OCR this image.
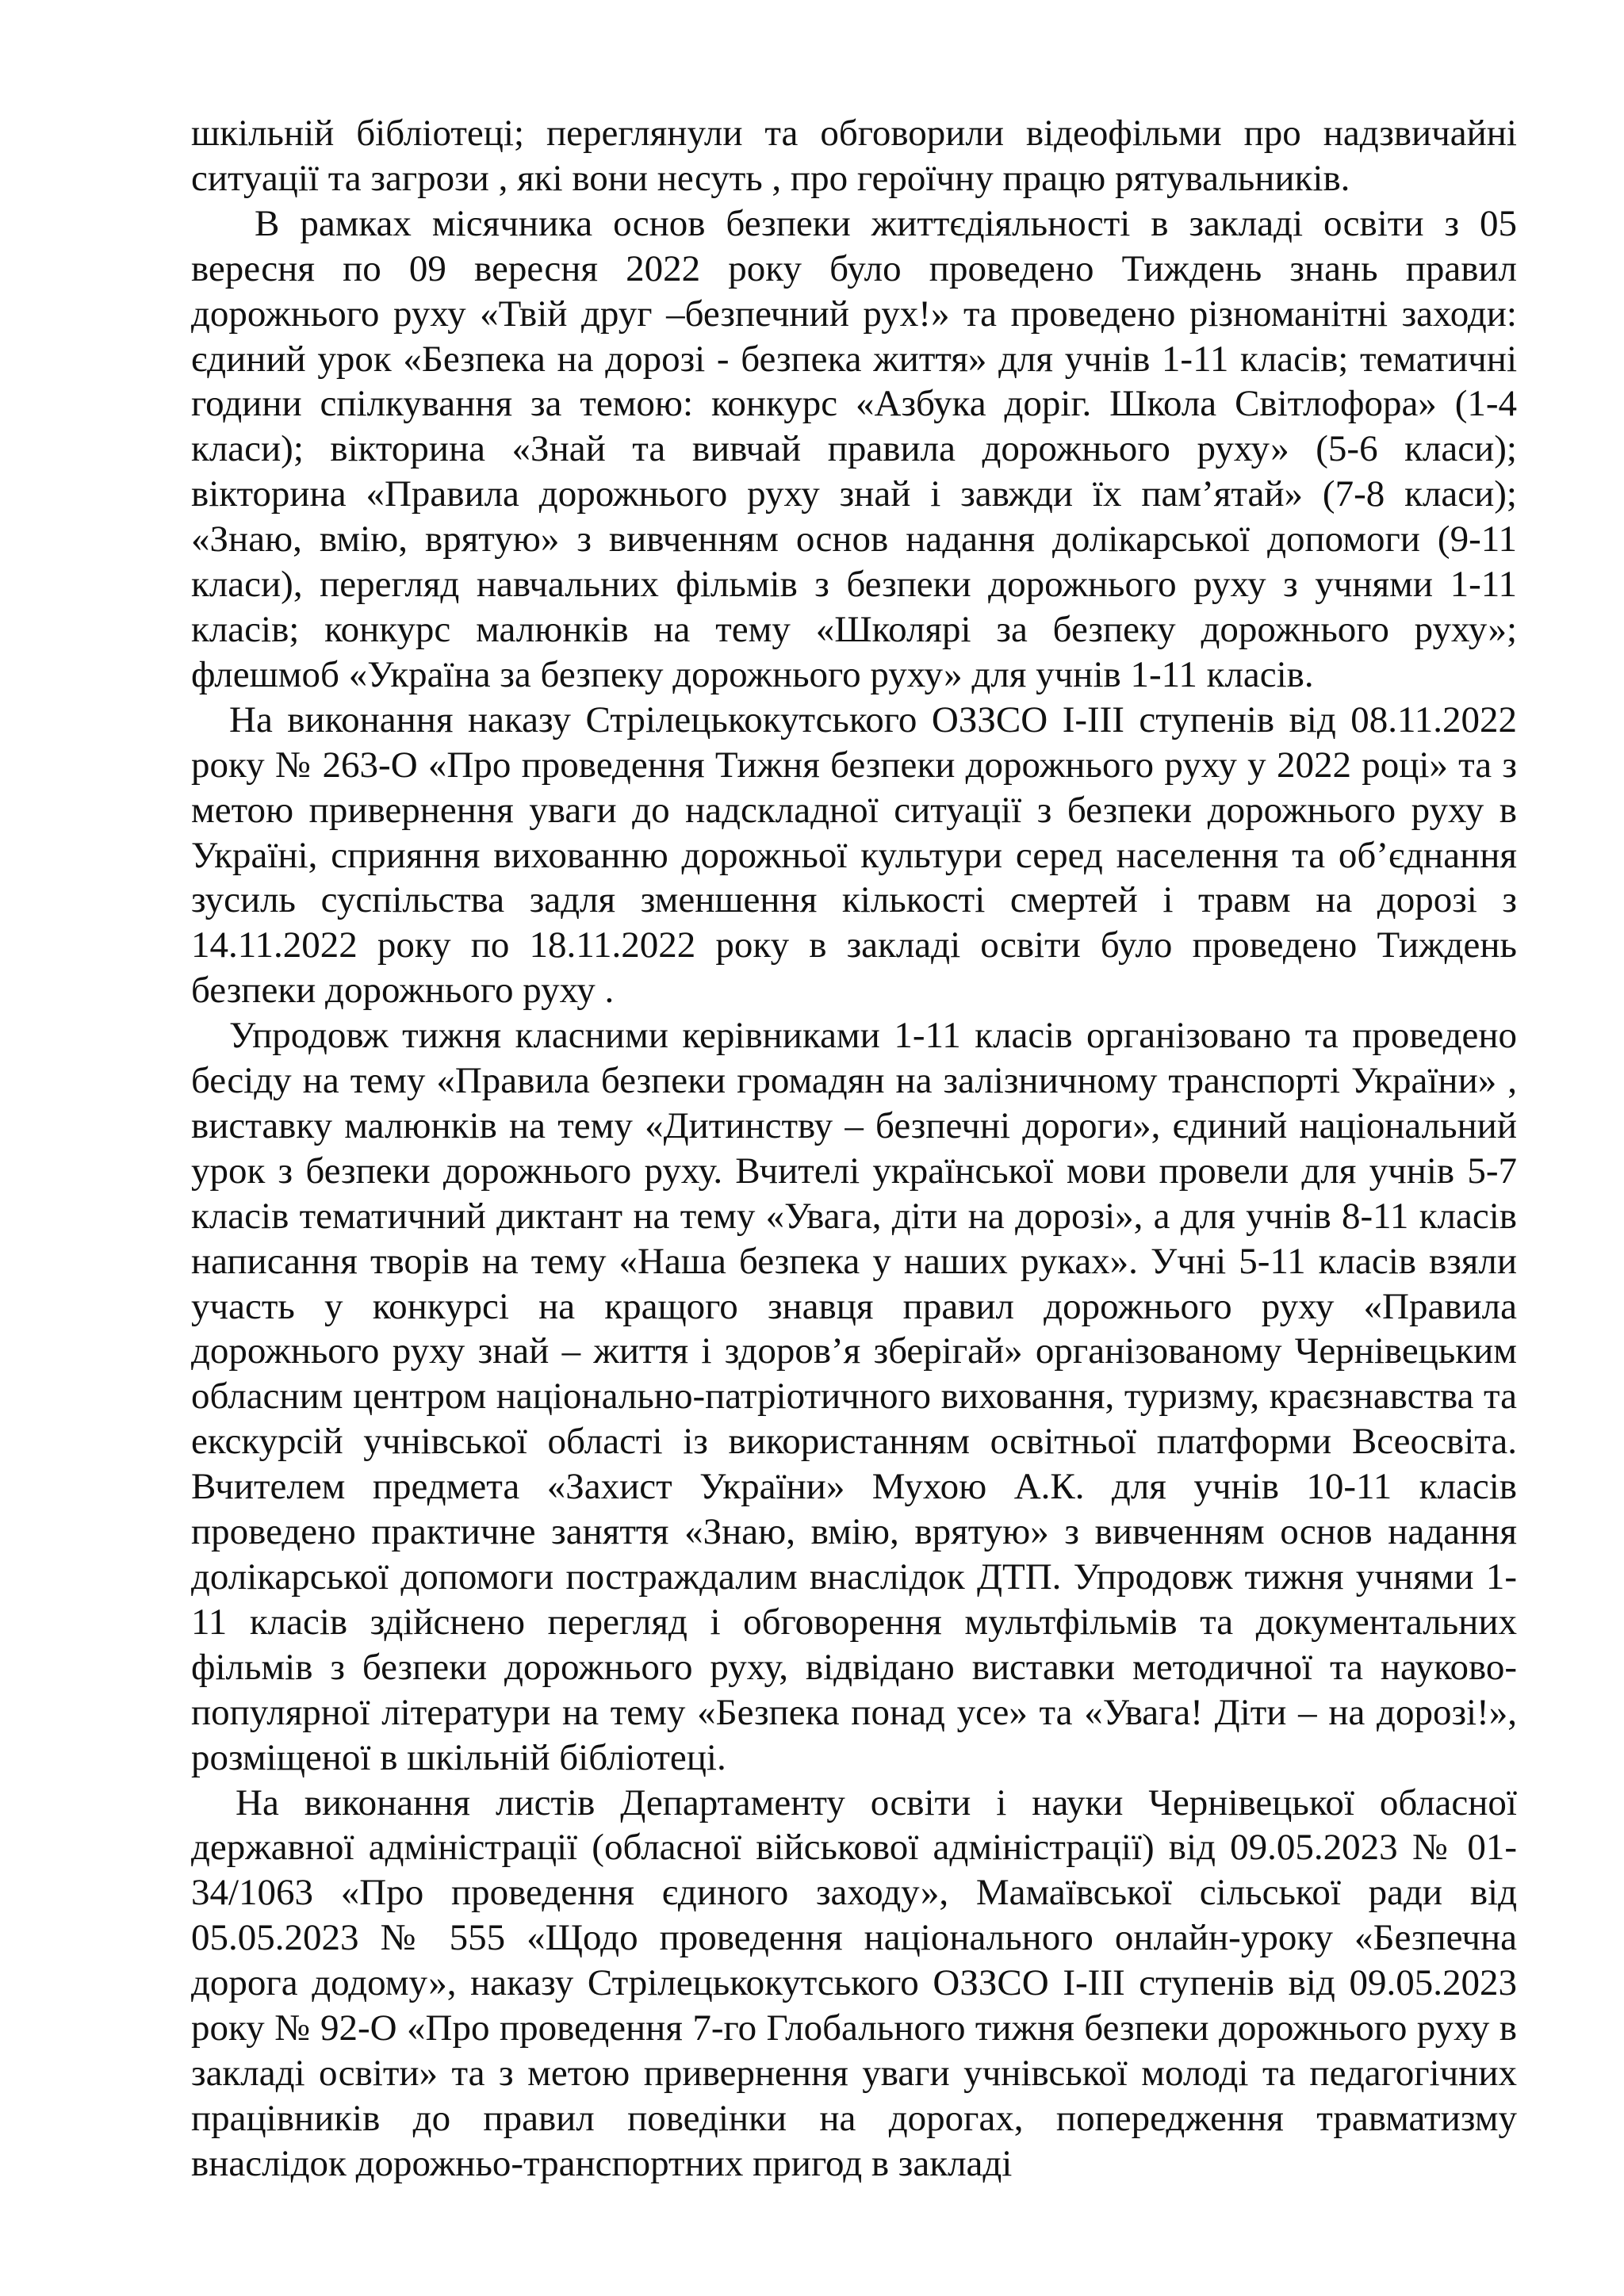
шкільній бібліотеці; переглянули та обговорили відеофільми про надзвичайні ситуації та загрози , які вони несуть , про героїчну працю рятувальників.

В рамках місячника основ безпеки життєдіяльності в закладі освіти з 05 вересня по 09 вересня 2022 року було проведено Тиждень знань правил дорожнього руху «Твій друг –безпечний рух!» та проведено різноманітні заходи: єдиний урок «Безпека на дорозі - безпека життя» для учнів 1-11 класів; тематичні години спілкування за темою: конкурс «Азбука доріг. Школа Світлофора» (1-4 класи); вікторина «Знай та вивчай правила дорожнього руху» (5-6 класи); вікторина «Правила дорожнього руху знай і завжди їх пам’ятай» (7-8 класи); «Знаю, вмію, врятую» з вивченням основ надання долікарської допомоги (9-11 класи), перегляд навчальних фільмів з безпеки дорожнього руху з учнями 1-11 класів; конкурс малюнків на тему «Школярі за безпеку дорожнього руху»; флешмоб «Україна за безпеку дорожнього руху» для учнів 1-11 класів.

На виконання наказу Стрілецькокутського ОЗЗСО І-ІІІ ступенів від 08.11.2022 року № 263-О «Про проведення Тижня безпеки дорожнього руху у 2022 році» та з метою привернення уваги до надскладної ситуації з безпеки дорожнього руху в Україні, сприяння вихованню дорожньої культури серед населення та об’єднання зусиль суспільства задля зменшення кількості смертей і травм на дорозі з 14.11.2022 року по 18.11.2022 року в закладі освіти було проведено Тиждень безпеки дорожнього руху .

Упродовж тижня класними керівниками 1-11 класів організовано та проведено бесіду на тему «Правила безпеки громадян на залізничному транспорті України» , виставку малюнків на тему «Дитинству – безпечні дороги», єдиний національний урок з безпеки дорожнього руху. Вчителі української мови провели для учнів 5-7 класів тематичний диктант на тему «Увага, діти на дорозі», а для учнів 8-11 класів написання творів на тему «Наша безпека у наших руках». Учні 5-11 класів взяли участь у конкурсі на кращого знавця правил дорожнього руху «Правила дорожнього руху знай – життя і здоров’я зберігай» організованому Чернівецьким обласним центром національно-патріотичного виховання, туризму, краєзнавства та екскурсій учнівської області із використанням освітньої платформи Всеосвіта. Вчителем предмета «Захист України» Мухою А.К. для учнів 10-11 класів проведено практичне заняття «Знаю, вмію, врятую» з вивченням основ надання долікарської допомоги постраждалим внаслідок ДТП. Упродовж тижня учнями 1-11 класів здійснено перегляд і обговорення мультфільмів та документальних фільмів з безпеки дорожнього руху, відвідано виставки методичної та науково-популярної літератури на тему «Безпека понад усе» та «Увага! Діти – на дорозі!», розміщеної в шкільній бібліотеці.

На виконання листів Департаменту освіти і науки Чернівецької обласної державної адміністрації (обласної військової адміністрації) від 09.05.2023 № 01-34/1063 «Про проведення єдиного заходу», Мамаївської сільської ради від 05.05.2023 № 555 «Щодо проведення національного онлайн-уроку «Безпечна дорога додому», наказу Стрілецькокутського ОЗЗСО І-ІІІ ступенів від 09.05.2023 року № 92-О «Про проведення 7-го Глобального тижня безпеки дорожнього руху в закладі освіти» та з метою привернення уваги учнівської молоді та педагогічних працівників до правил поведінки на дорогах, попередження травматизму внаслідок дорожньо-транспортних пригод в закладі
